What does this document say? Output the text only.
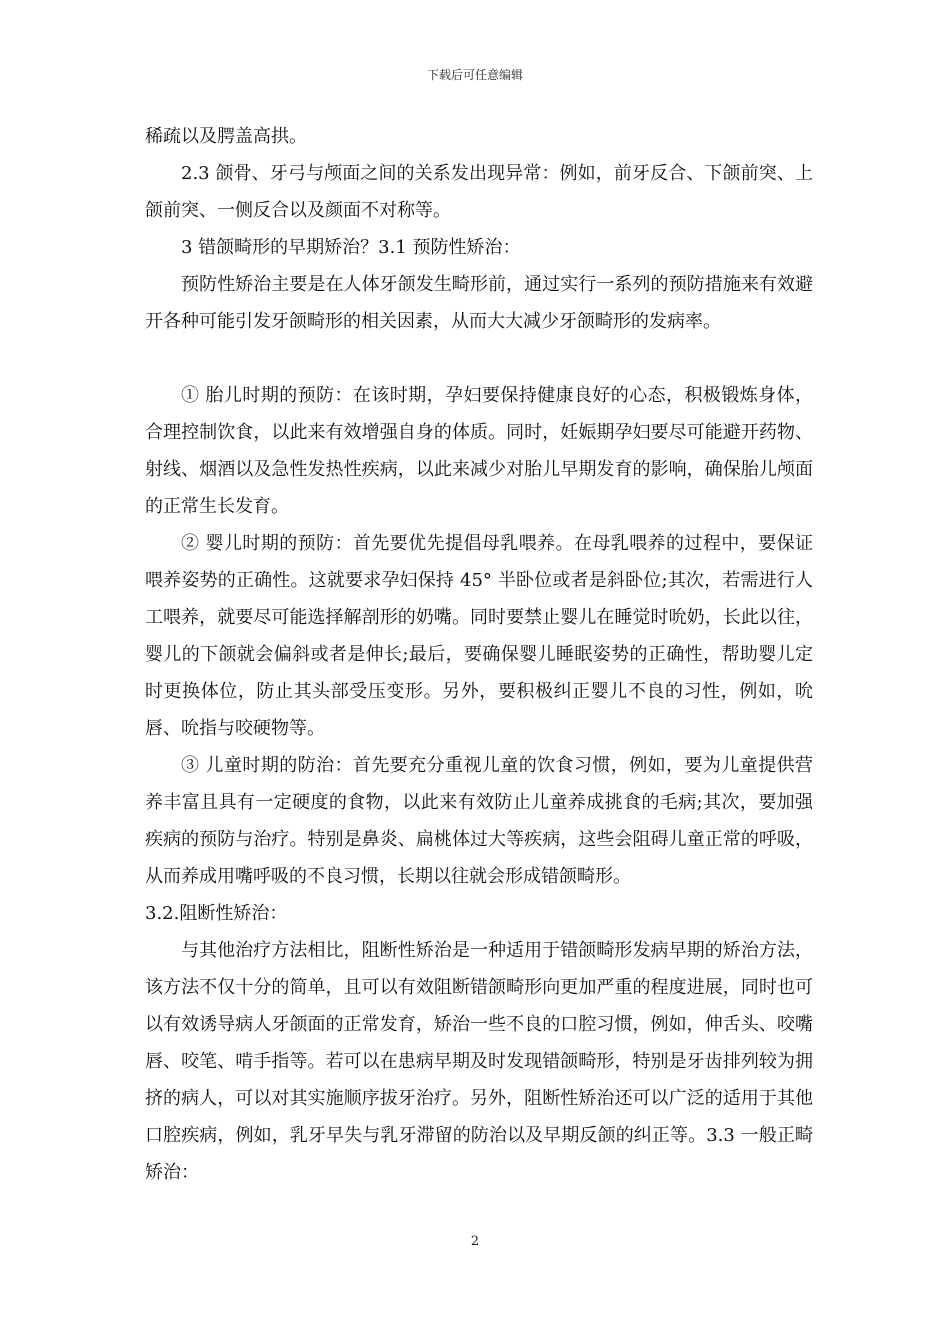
下载后可任意编辑

稀疏以及腭盖高拱。

2.3 颌骨、牙弓与颅面之间的关系发出现异常：例如，前牙反合、下颌前突、上颌前突、一侧反合以及颜面不对称等。

3 错颌畸形的早期矫治？3.1 预防性矫治：

预防性矫治主要是在人体牙颌发生畸形前，通过实行一系列的预防措施来有效避开各种可能引发牙颌畸形的相关因素，从而大大减少牙颌畸形的发病率。

① 胎儿时期的预防：在该时期，孕妇要保持健康良好的心态，积极锻炼身体，合理控制饮食，以此来有效增强自身的体质。同时，妊娠期孕妇要尽可能避开药物、射线、烟酒以及急性发热性疾病，以此来减少对胎儿早期发育的影响，确保胎儿颅面的正常生长发育。

② 婴儿时期的预防：首先要优先提倡母乳喂养。在母乳喂养的过程中，要保证喂养姿势的正确性。这就要求孕妇保持 45° 半卧位或者是斜卧位;其次，若需进行人工喂养，就要尽可能选择解剖形的奶嘴。同时要禁止婴儿在睡觉时吮奶，长此以往，婴儿的下颌就会偏斜或者是伸长;最后，要确保婴儿睡眠姿势的正确性，帮助婴儿定时更换体位，防止其头部受压变形。另外，要积极纠正婴儿不良的习性，例如，吮唇、吮指与咬硬物等。

③ 儿童时期的防治：首先要充分重视儿童的饮食习惯，例如，要为儿童提供营养丰富且具有一定硬度的食物，以此来有效防止儿童养成挑食的毛病;其次，要加强疾病的预防与治疗。特别是鼻炎、扁桃体过大等疾病，这些会阻碍儿童正常的呼吸，从而养成用嘴呼吸的不良习惯，长期以往就会形成错颌畸形。

3.2.阻断性矫治：

与其他治疗方法相比，阻断性矫治是一种适用于错颌畸形发病早期的矫治方法，该方法不仅十分的简单，且可以有效阻断错颌畸形向更加严重的程度进展，同时也可以有效诱导病人牙颌面的正常发育，矫治一些不良的口腔习惯，例如，伸舌头、咬嘴唇、咬笔、啃手指等。若可以在患病早期及时发现错颌畸形，特别是牙齿排列较为拥挤的病人，可以对其实施顺序拔牙治疗。另外，阻断性矫治还可以广泛的适用于其他口腔疾病，例如，乳牙早失与乳牙滞留的防治以及早期反颌的纠正等。3.3 一般正畸矫治：

2
